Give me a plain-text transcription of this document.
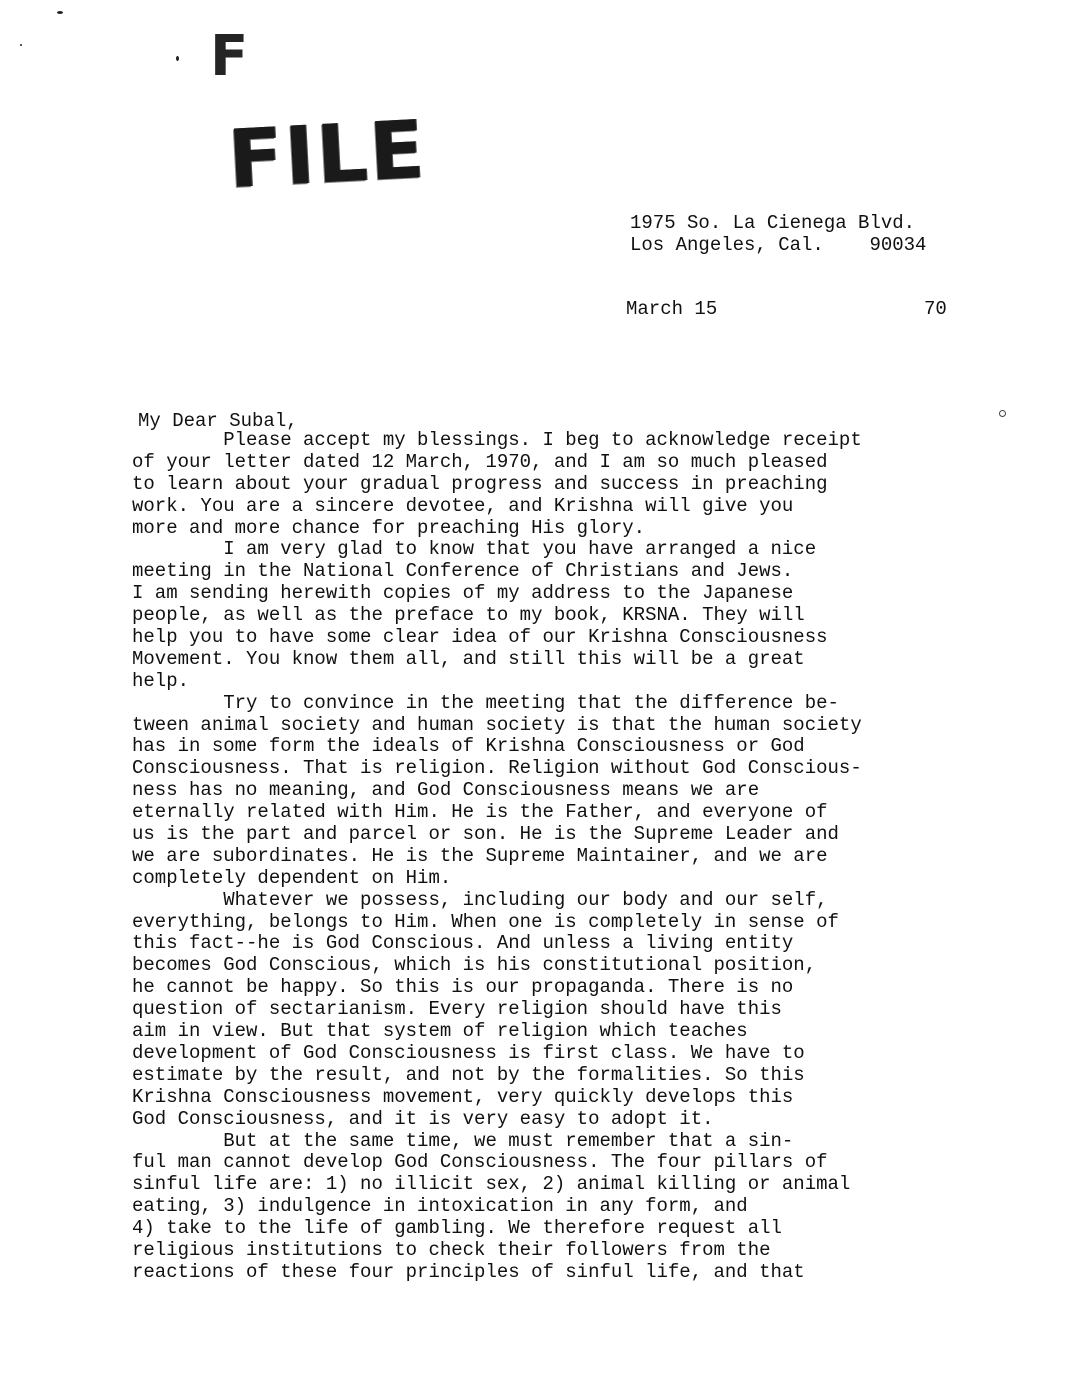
F
FILE
1975 So. La Cienega Blvd.
Los Angeles, Cal.    90034
March 15	70
My Dear Subal,
Please accept my blessings. I beg to acknowledge receipt
of your letter dated 12 March, 1970, and I am so much pleased
to learn about your gradual progress and success in preaching
work. You are a sincere devotee, and Krishna will give you
more and more chance for preaching His glory.
I am very glad to know that you have arranged a nice
meeting in the National Conference of Christians and Jews.
I am sending herewith copies of my address to the Japanese
people, as well as the preface to my book, KRSNA. They will
help you to have some clear idea of our Krishna Consciousness
Movement. You know them all, and still this will be a great
help.
Try to convince in the meeting that the difference be-
tween animal society and human society is that the human society
has in some form the ideals of Krishna Consciousness or God
Consciousness. That is religion. Religion without God Conscious-
ness has no meaning, and God Consciousness means we are
eternally related with Him. He is the Father, and everyone of
us is the part and parcel or son. He is the Supreme Leader and
we are subordinates. He is the Supreme Maintainer, and we are
completely dependent on Him.
Whatever we possess, including our body and our self,
everything, belongs to Him. When one is completely in sense of
this fact--he is God Conscious. And unless a living entity
becomes God Conscious, which is his constitutional position,
he cannot be happy. So this is our propaganda. There is no
question of sectarianism. Every religion should have this
aim in view. But that system of religion which teaches
development of God Consciousness is first class. We have to
estimate by the result, and not by the formalities. So this
Krishna Consciousness movement, very quickly develops this
God Consciousness, and it is very easy to adopt it.
But at the same time, we must remember that a sin-
ful man cannot develop God Consciousness. The four pillars of
sinful life are: 1) no illicit sex, 2) animal killing or animal
eating, 3) indulgence in intoxication in any form, and
4) take to the life of gambling. We therefore request all
religious institutions to check their followers from the
reactions of these four principles of sinful life, and that
